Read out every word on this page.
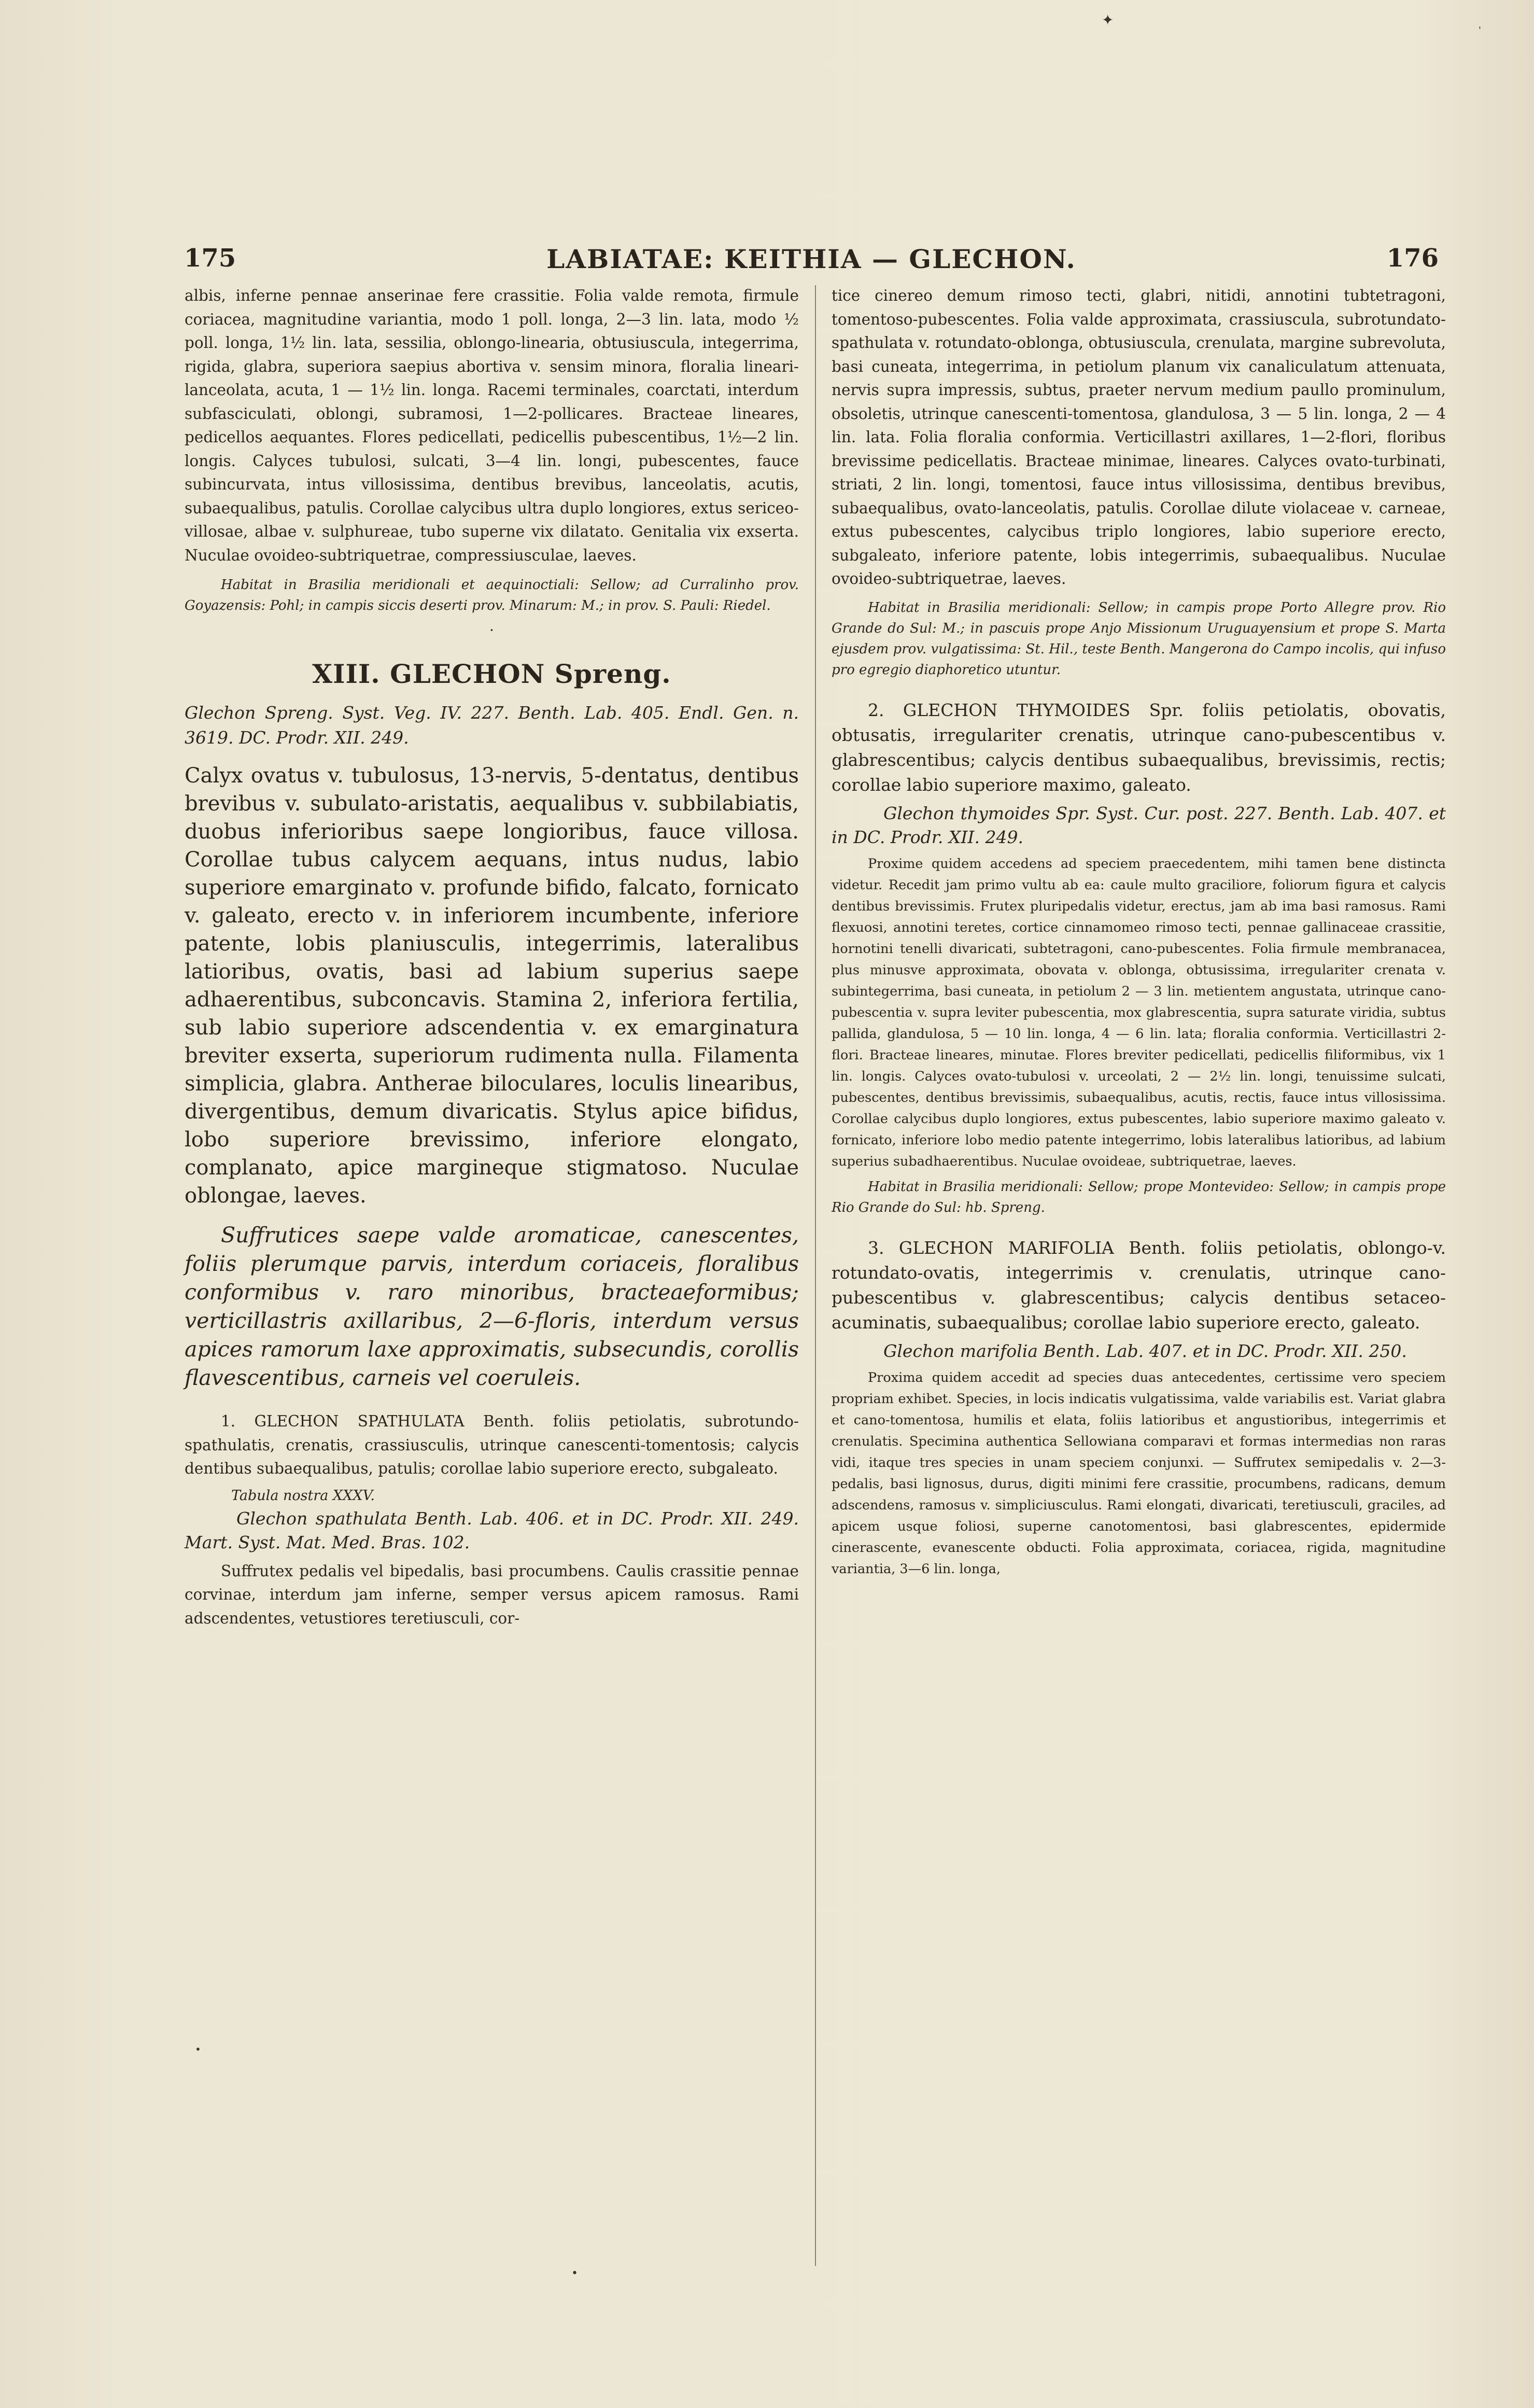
✦
'
175	LABIATAE: KEITHIA — GLECHON.	176

albis, inferne pennae anserinae fere crassitie. Folia valde remota, firmule coriacea, magnitudine variantia, modo 1 poll. longa, 2—3 lin. lata, modo ½ poll. longa, 1½ lin. lata, sessilia, oblongo-linearia, obtusiuscula, integerrima, rigida, glabra, superiora saepius abortiva v. sensim minora, floralia lineari-lanceolata, acuta, 1 — 1½ lin. longa. Racemi terminales, coarctati, interdum subfasciculati, oblongi, subramosi, 1—2-pollicares. Bracteae lineares, pedicellos aequantes. Flores pedicellati, pedicellis pubescentibus, 1½—2 lin. longis. Calyces tubulosi, sulcati, 3—4 lin. longi, pubescentes, fauce subincurvata, intus villosissima, dentibus brevibus, lanceolatis, acutis, subaequalibus, patulis. Corollae calycibus ultra duplo longiores, extus sericeo-villosae, albae v. sulphureae, tubo superne vix dilatato. Genitalia vix exserta. Nuculae ovoideo-subtriquetrae, compressiusculae, laeves.

Habitat in Brasilia meridionali et aequinoctiali: Sellow; ad Curralinho prov. Goyazensis: Pohl; in campis siccis deserti prov. Minarum: M.; in prov. S. Pauli: Riedel.

·
XIII. GLECHON Spreng.

Glechon Spreng. Syst. Veg. IV. 227. Benth. Lab. 405. Endl. Gen. n. 3619. DC. Prodr. XII. 249.

Calyx ovatus v. tubulosus, 13-nervis, 5-dentatus, dentibus brevibus v. subulato-aristatis, aequalibus v. subbilabiatis, duobus inferioribus saepe longioribus, fauce villosa. Corollae tubus calycem aequans, intus nudus, labio superiore emarginato v. profunde bifido, falcato, fornicato v. galeato, erecto v. in inferiorem incumbente, inferiore patente, lobis planiusculis, integerrimis, lateralibus latioribus, ovatis, basi ad labium superius saepe adhaerentibus, subconcavis. Stamina 2, inferiora fertilia, sub labio superiore adscendentia v. ex emarginatura breviter exserta, superiorum rudimenta nulla. Filamenta simplicia, glabra. Antherae biloculares, loculis linearibus, divergentibus, demum divaricatis. Stylus apice bifidus, lobo superiore brevissimo, inferiore elongato, complanato, apice margineque stigmatoso. Nuculae oblongae, laeves.

Suffrutices saepe valde aromaticae, canescentes, foliis plerumque parvis, interdum coriaceis, floralibus conformibus v. raro minoribus, bracteaeformibus; verticillastris axillaribus, 2—6-floris, interdum versus apices ramorum laxe approximatis, subsecundis, corollis flavescentibus, carneis vel coeruleis.

1. GLECHON SPATHULATA Benth. foliis petiolatis, subrotundo-spathulatis, crenatis, crassiusculis, utrinque canescenti-tomentosis; calycis dentibus subaequalibus, patulis; corollae labio superiore erecto, subgaleato.

Tabula nostra XXXV.

Glechon spathulata Benth. Lab. 406. et in DC. Prodr. XII. 249. Mart. Syst. Mat. Med. Bras. 102.

Suffrutex pedalis vel bipedalis, basi procumbens. Caulis crassitie pennae corvinae, interdum jam inferne, semper versus apicem ramosus. Rami adscendentes, vetustiores teretiusculi, cor-

tice cinereo demum rimoso tecti, glabri, nitidi, annotini tubtetragoni, tomentoso-pubescentes. Folia valde approximata, crassiuscula, subrotundato-spathulata v. rotundato-oblonga, obtusiuscula, crenulata, margine subrevoluta, basi cuneata, integerrima, in petiolum planum vix canaliculatum attenuata, nervis supra impressis, subtus, praeter nervum medium paullo prominulum, obsoletis, utrinque canescenti-tomentosa, glandulosa, 3 — 5 lin. longa, 2 — 4 lin. lata. Folia floralia conformia. Verticillastri axillares, 1—2-flori, floribus brevissime pedicellatis. Bracteae minimae, lineares. Calyces ovato-turbinati, striati, 2 lin. longi, tomentosi, fauce intus villosissima, dentibus brevibus, subaequalibus, ovato-lanceolatis, patulis. Corollae dilute violaceae v. carneae, extus pubescentes, calycibus triplo longiores, labio superiore erecto, subgaleato, inferiore patente, lobis integerrimis, subaequalibus. Nuculae ovoideo-subtriquetrae, laeves.

Habitat in Brasilia meridionali: Sellow; in campis prope Porto Allegre prov. Rio Grande do Sul: M.; in pascuis prope Anjo Missionum Uruguayensium et prope S. Marta ejusdem prov. vulgatissima: St. Hil., teste Benth. Mangerona do Campo incolis, qui infuso pro egregio diaphoretico utuntur.

2. GLECHON THYMOIDES Spr. foliis petiolatis, obovatis, obtusatis, irregulariter crenatis, utrinque cano-pubescentibus v. glabrescentibus; calycis dentibus subaequalibus, brevissimis, rectis; corollae labio superiore maximo, galeato.

Glechon thymoides Spr. Syst. Cur. post. 227. Benth. Lab. 407. et in DC. Prodr. XII. 249.

Proxime quidem accedens ad speciem praecedentem, mihi tamen bene distincta videtur. Recedit jam primo vultu ab ea: caule multo graciliore, foliorum figura et calycis dentibus brevissimis. Frutex pluripedalis videtur, erectus, jam ab ima basi ramosus. Rami flexuosi, annotini teretes, cortice cinnamomeo rimoso tecti, pennae gallinaceae crassitie, hornotini tenelli divaricati, subtetragoni, cano-pubescentes. Folia firmule membranacea, plus minusve approximata, obovata v. oblonga, obtusissima, irregulariter crenata v. subintegerrima, basi cuneata, in petiolum 2 — 3 lin. metientem angustata, utrinque cano-pubescentia v. supra leviter pubescentia, mox glabrescentia, supra saturate viridia, subtus pallida, glandulosa, 5 — 10 lin. longa, 4 — 6 lin. lata; floralia conformia. Verticillastri 2-flori. Bracteae lineares, minutae. Flores breviter pedicellati, pedicellis filiformibus, vix 1 lin. longis. Calyces ovato-tubulosi v. urceolati, 2 — 2½ lin. longi, tenuissime sulcati, pubescentes, dentibus brevissimis, subaequalibus, acutis, rectis, fauce intus villosissima. Corollae calycibus duplo longiores, extus pubescentes, labio superiore maximo galeato v. fornicato, inferiore lobo medio patente integerrimo, lobis lateralibus latioribus, ad labium superius subadhaerentibus. Nuculae ovoideae, subtriquetrae, laeves.

Habitat in Brasilia meridionali: Sellow; prope Montevideo: Sellow; in campis prope Rio Grande do Sul: hb. Spreng.

3. GLECHON MARIFOLIA Benth. foliis petiolatis, oblongo-v. rotundato-ovatis, integerrimis v. crenulatis, utrinque cano-pubescentibus v. glabrescentibus; calycis dentibus setaceo-acuminatis, subaequalibus; corollae labio superiore erecto, galeato.

Glechon marifolia Benth. Lab. 407. et in DC. Prodr. XII. 250.

Proxima quidem accedit ad species duas antecedentes, certissime vero speciem propriam exhibet. Species, in locis indicatis vulgatissima, valde variabilis est. Variat glabra et cano-tomentosa, humilis et elata, foliis latioribus et angustioribus, integerrimis et crenulatis. Specimina authentica Sellowiana comparavi et formas intermedias non raras vidi, itaque tres species in unam speciem conjunxi. — Suffrutex semipedalis v. 2—3-pedalis, basi lignosus, durus, digiti minimi fere crassitie, procumbens, radicans, demum adscendens, ramosus v. simpliciusculus. Rami elongati, divaricati, teretiusculi, graciles, ad apicem usque foliosi, superne canotomentosi, basi glabrescentes, epidermide cinerascente, evanescente obducti. Folia approximata, coriacea, rigida, magnitudine variantia, 3—6 lin. longa,

•
•
